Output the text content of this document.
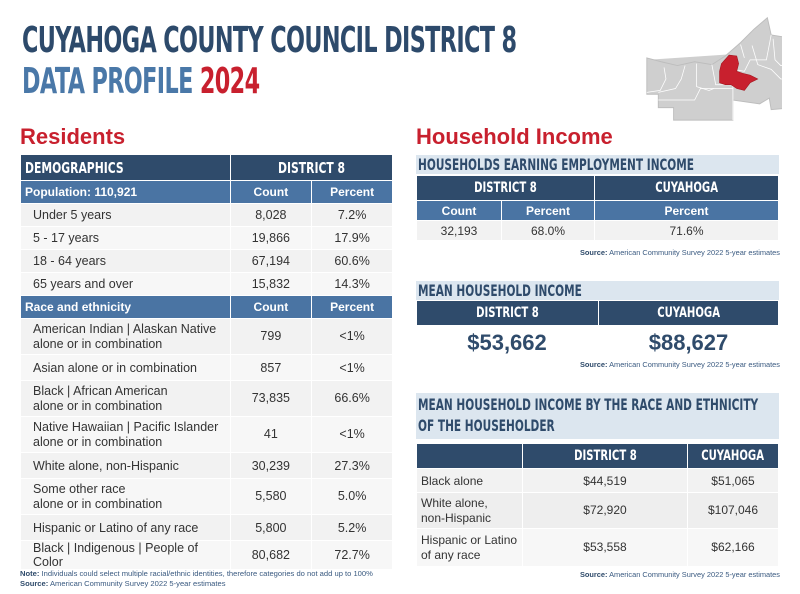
CUYAHOGA COUNTY COUNCIL DISTRICT 8
DATA PROFILE 2024
Residents
DEMOGRAPHICS	DISTRICT 8	
Population: 110,921	Count	Percent
Under 5 years	8,028	7.2%
5 - 17 years	19,866	17.9%
18 - 64 years	67,194	60.6%
65 years and over	15,832	14.3%
Race and ethnicity	Count	Percent

American Indian | Alaskan Native
alone or in combination	799	<1%
Asian alone or in combination	857	<1%

Black | African American
alone or in combination	73,835	66.6%

Native Hawaiian | Pacific Islander
alone or in combination	41	<1%
White alone, non-Hispanic	30,239	27.3%

Some other race
alone or in combination	5,580	5.0%
Hispanic or Latino of any race	5,800	5.2%
Black | Indigenous | People of Color	80,682	72.7%
Note: Individuals could select multiple racial/ethnic identities, therefore categories do not add up to 100%
Source: American Community Survey 2022 5-year estimates
Household Income
HOUSEHOLDS EARNING EMPLOYMENT INCOME
DISTRICT 8		CUYAHOGA
Count	Percent	Percent
32,193	68.0%	71.6%
Source: American Community Survey 2022 5-year estimates
MEAN HOUSEHOLD INCOME
DISTRICT 8	CUYAHOGA
$53,662	$88,627
Source: American Community Survey 2022 5-year estimates
MEAN HOUSEHOLD INCOME BY THE RACE AND ETHNICITY
OF THE HOUSEHOLDER
	DISTRICT 8	CUYAHOGA
Black alone	$44,519	$51,065

White alone,
non-Hispanic	$72,920	$107,046

Hispanic or Latino
of any race	$53,558	$62,166
Source: American Community Survey 2022 5-year estimates
